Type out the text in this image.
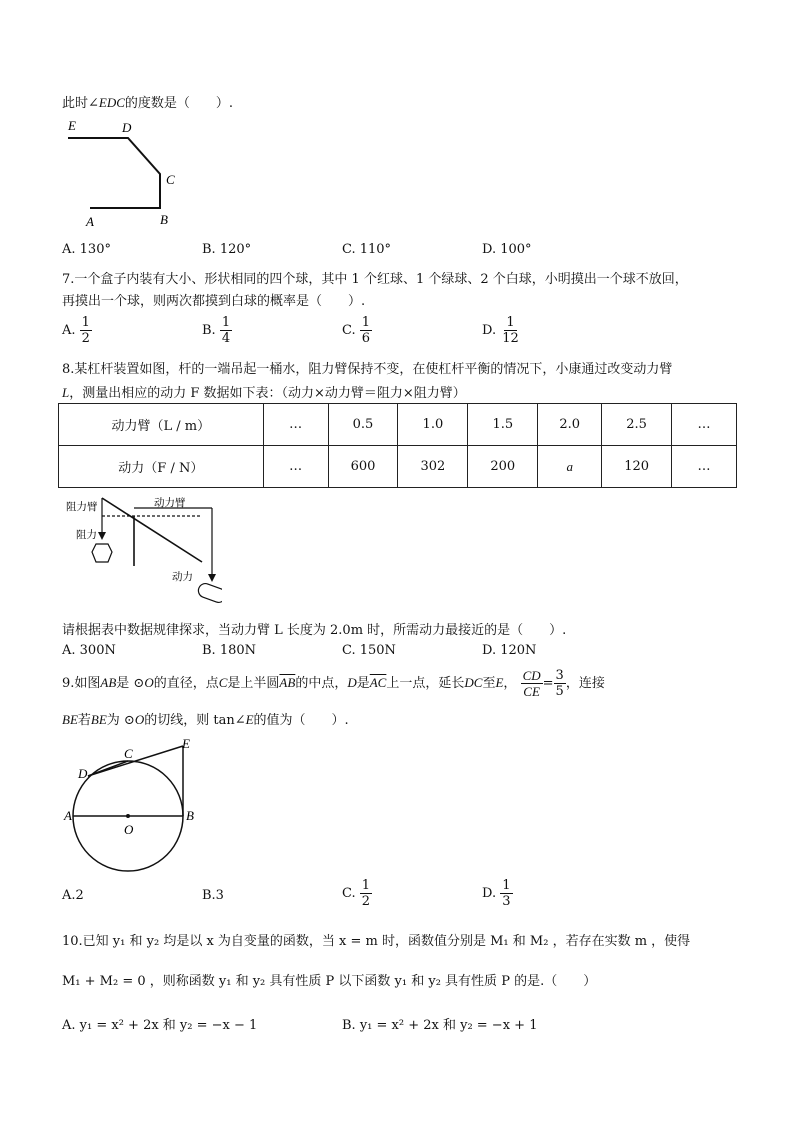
此时∠EDC的度数是（　　）.
E	D
C
A	B
A. 130°	B. 120°	C. 110°	D. 100°
7.一个盒子内装有大小、形状相同的四个球，其中 1 个红球、1 个绿球、2 个白球，小明摸出一个球不放回，
再摸出一个球，则两次都摸到白球的概率是（　　）.
A. $\frac{1}{2}$	B. $\frac{1}{4}$	C. $\frac{1}{6}$	D. $\frac{1}{12}$
8.某杠杆装置如图，杆的一端吊起一桶水，阻力臂保持不变，在使杠杆平衡的情况下，小康通过改变动力臂
L，测量出相应的动力 F 数据如下表：（动力×动力臂＝阻力×阻力臂）
动力臂（L / m）	…	0.5	1.0	1.5	2.0	2.5	…
动力（F / N）	…	600	302	200	a	120	…
阻力臂	动力臂
阻力
动力
请根据表中数据规律探求，当动力臂 L 长度为 2.0m 时，所需动力最接近的是（　　）.
A. 300N	B. 180N	C. 150N	D. 120N
9.如图AB是 ⊙O的直径，点C是上半圆$\overline{AB}$的中点，D是$\overline{AC}$上一点，延长DC至E， $\frac{CD}{CE} = \frac{3}{5}$ ，连接
BE若BE为 ⊙O的切线，则 tan∠E的值为（　　）.
A	B
C
D
E
O
A.2	B.3	C. $\frac{1}{2}$	D. $\frac{1}{3}$
10.已知 y₁ 和 y₂ 均是以 x 为自变量的函数，当 x = m 时，函数值分别是 M₁ 和 M₂ ，若存在实数 m ，使得
M₁ + M₂ = 0 ，则称函数 y₁ 和 y₂ 具有性质 P 以下函数 y₁ 和 y₂ 具有性质 P 的是.（　　）
A. y₁ = x² + 2x 和 y₂ = −x − 1	B. y₁ = x² + 2x 和 y₂ = −x + 1
